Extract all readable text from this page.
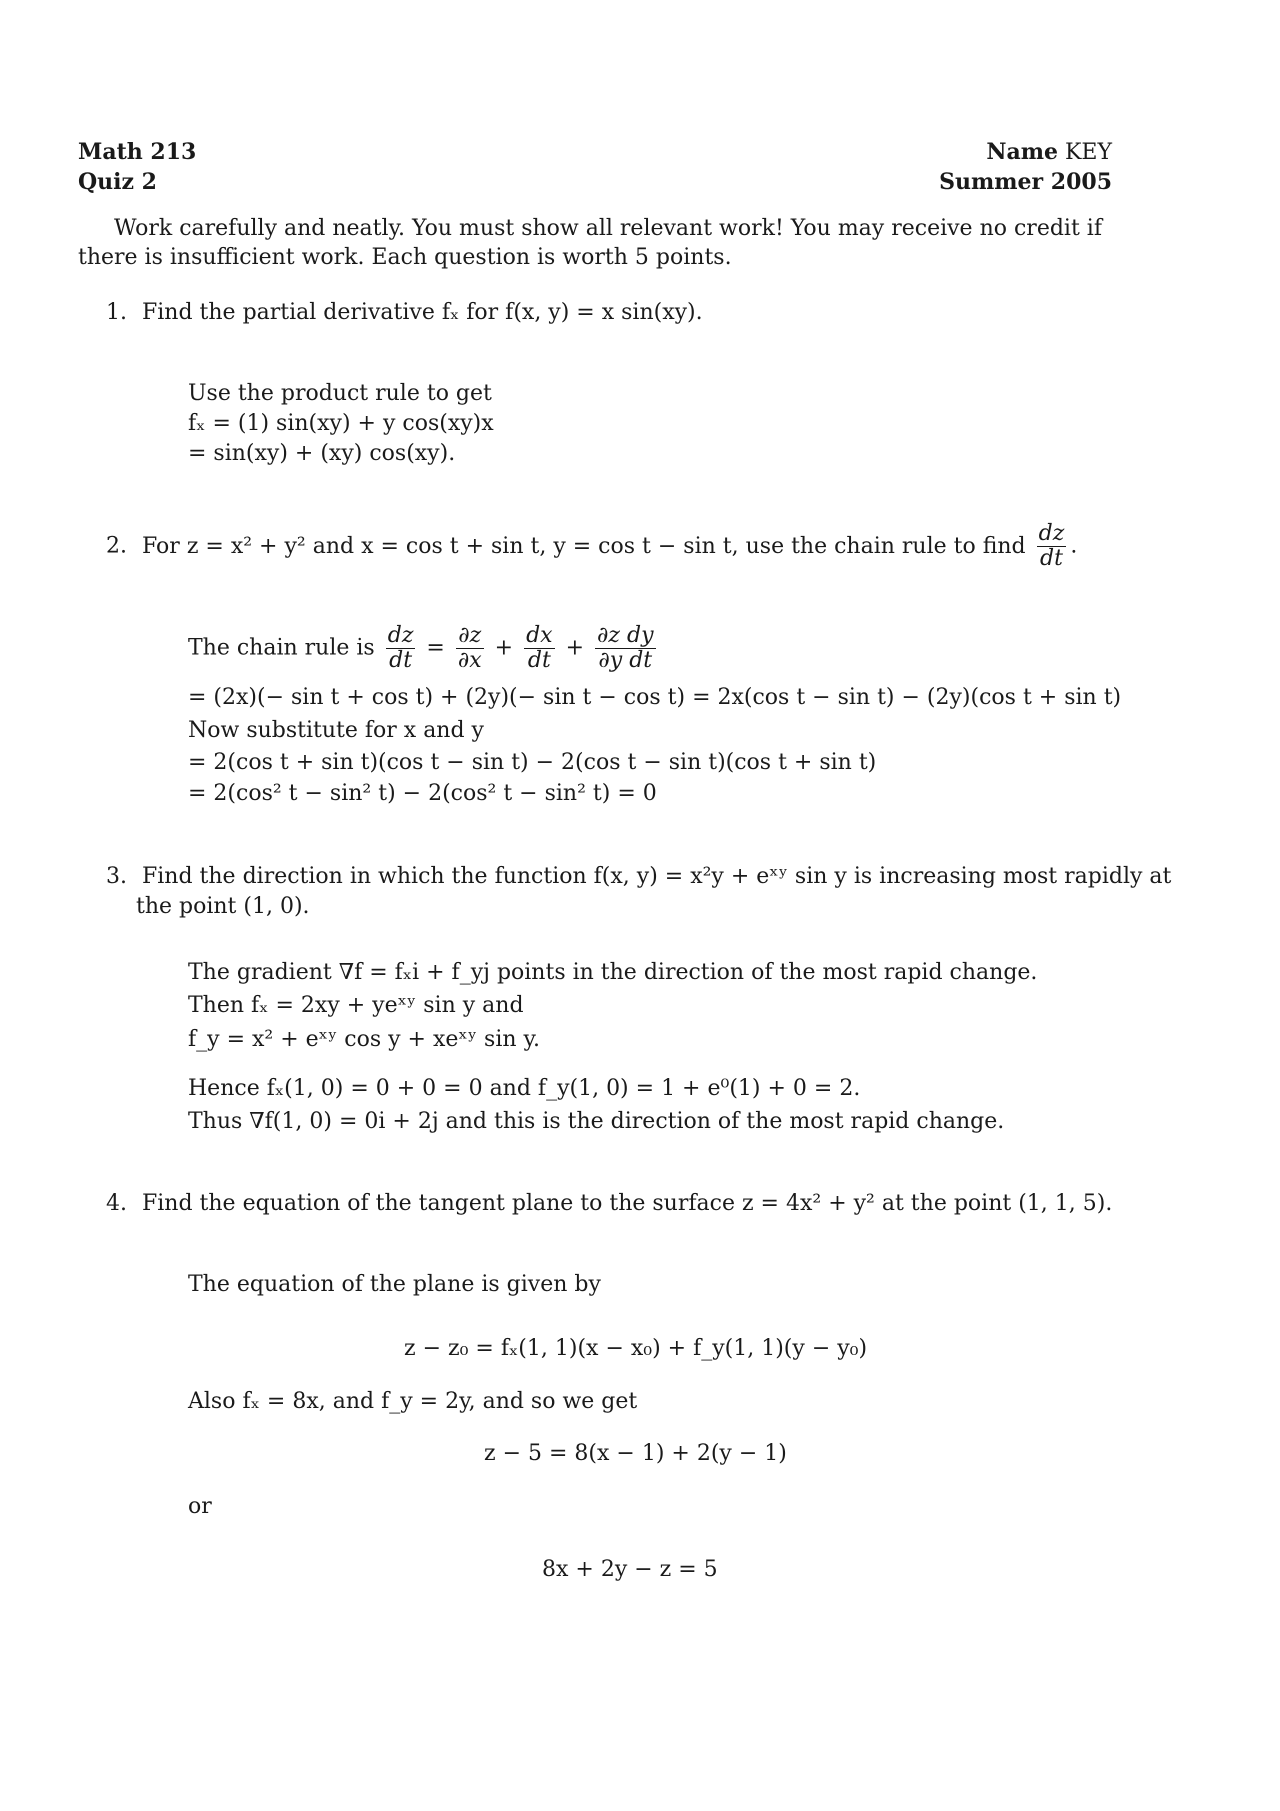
Math 213
Quiz 2
Name KEY
Summer 2005
Work carefully and neatly. You must show all relevant work! You may receive no credit if there is insufficient work. Each question is worth 5 points.
1. Find the partial derivative fₓ for f(x, y) = x sin(xy).
Use the product rule to get
fₓ = (1) sin(xy) + y cos(xy)x
= sin(xy) + (xy) cos(xy).
2. For z = x² + y² and x = cos t + sin t, y = cos t − sin t, use the chain rule to find $\frac{dz}{dt}$ .
The chain rule is $\frac{dz}{dt} = \frac{\partial z}{\partial x} + \frac{dx}{dt} + \frac{\text{∂z dy}}{\text{∂y dt}}$
= (2x)(− sin t + cos t) + (2y)(− sin t − cos t) = 2x(cos t − sin t) − (2y)(cos t + sin t)
Now substitute for x and y
= 2(cos t + sin t)(cos t − sin t) − 2(cos t − sin t)(cos t + sin t)
= 2(cos² t − sin² t) − 2(cos² t − sin² t) = 0
3. Find the direction in which the function f(x, y) = x²y + eˣʸ sin y is increasing most rapidly at
the point (1, 0).
The gradient ∇f = fₓi + f_yj points in the direction of the most rapid change.
Then fₓ = 2xy + yeˣʸ sin y and
f_y = x² + eˣʸ cos y + xeˣʸ sin y.
Hence fₓ(1, 0) = 0 + 0 = 0 and f_y(1, 0) = 1 + e⁰(1) + 0 = 2.
Thus ∇f(1, 0) = 0i + 2j and this is the direction of the most rapid change.
4. Find the equation of the tangent plane to the surface z = 4x² + y² at the point (1, 1, 5).
The equation of the plane is given by
z − z₀ = fₓ(1, 1)(x − x₀) + f_y(1, 1)(y − y₀)
Also fₓ = 8x, and f_y = 2y, and so we get
z − 5 = 8(x − 1) + 2(y − 1)
or
8x + 2y − z = 5
